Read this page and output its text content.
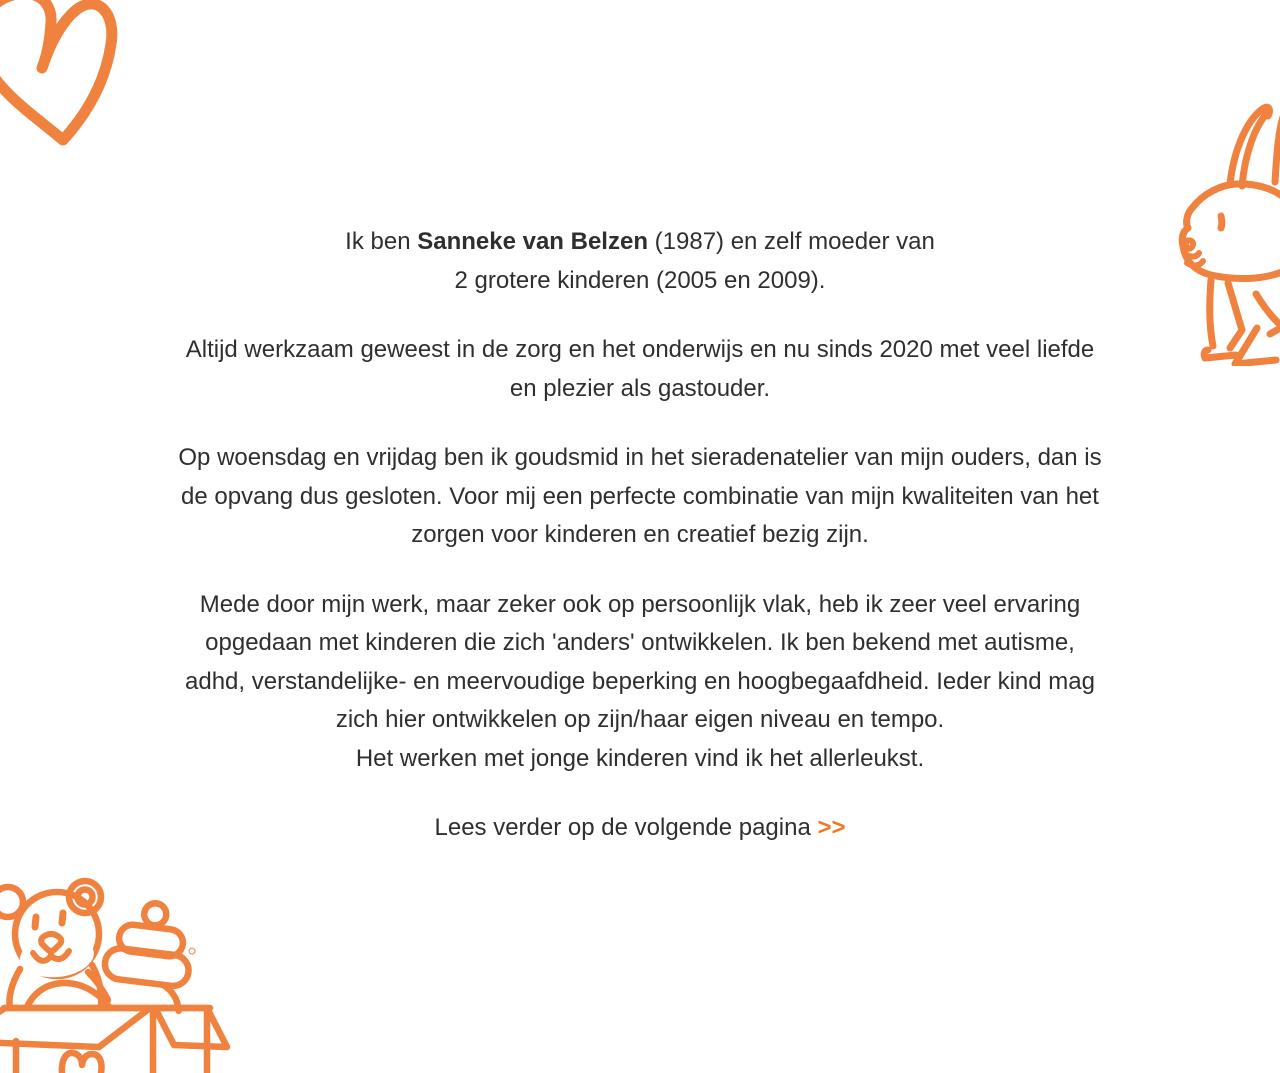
Ik ben Sanneke van Belzen (1987) en zelf moeder van
2 grotere kinderen (2005 en 2009).

Altijd werkzaam geweest in de zorg en het onderwijs en nu sinds 2020 met veel liefde
en plezier als gastouder.

Op woensdag en vrijdag ben ik goudsmid in het sieradenatelier van mijn ouders, dan is
de opvang dus gesloten. Voor mij een perfecte combinatie van mijn kwaliteiten van het
zorgen voor kinderen en creatief bezig zijn.

Mede door mijn werk, maar zeker ook op persoonlijk vlak, heb ik zeer veel ervaring
opgedaan met kinderen die zich 'anders' ontwikkelen. Ik ben bekend met autisme,
adhd, verstandelijke- en meervoudige beperking en hoogbegaafdheid. Ieder kind mag
zich hier ontwikkelen op zijn/haar eigen niveau en tempo.
Het werken met jonge kinderen vind ik het allerleukst.

Lees verder op de volgende pagina >>
